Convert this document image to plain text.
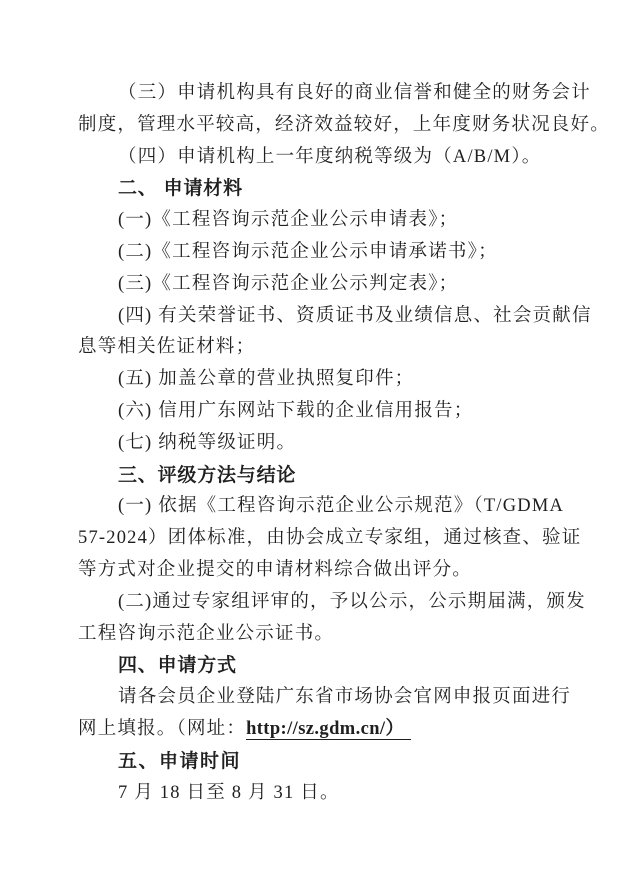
（三）申请机构具有良好的商业信誉和健全的财务会计
制度，管理水平较高，经济效益较好，上年度财务状况良好。
（四）申请机构上一年度纳税等级为（A/B/M）。
二、 申请材料
(一)《工程咨询示范企业公示申请表》；
(二)《工程咨询示范企业公示申请承诺书》；
(三)《工程咨询示范企业公示判定表》；
(四) 有关荣誉证书、资质证书及业绩信息、社会贡献信
息等相关佐证材料；
(五) 加盖公章的营业执照复印件；
(六) 信用广东网站下载的企业信用报告；
(七) 纳税等级证明。
三、评级方法与结论
(一) 依据《工程咨询示范企业公示规范》（T/GDMA
57-2024）团体标准，由协会成立专家组，通过核查、验证
等方式对企业提交的申请材料综合做出评分。
(二)通过专家组评审的，予以公示，公示期届满，颁发
工程咨询示范企业公示证书。
四、申请方式
请各会员企业登陆广东省市场协会官网申报页面进行
网上填报。（网址：http://sz.gdm.cn/）
五、申请时间
7 月 18 日至 8 月 31 日。
